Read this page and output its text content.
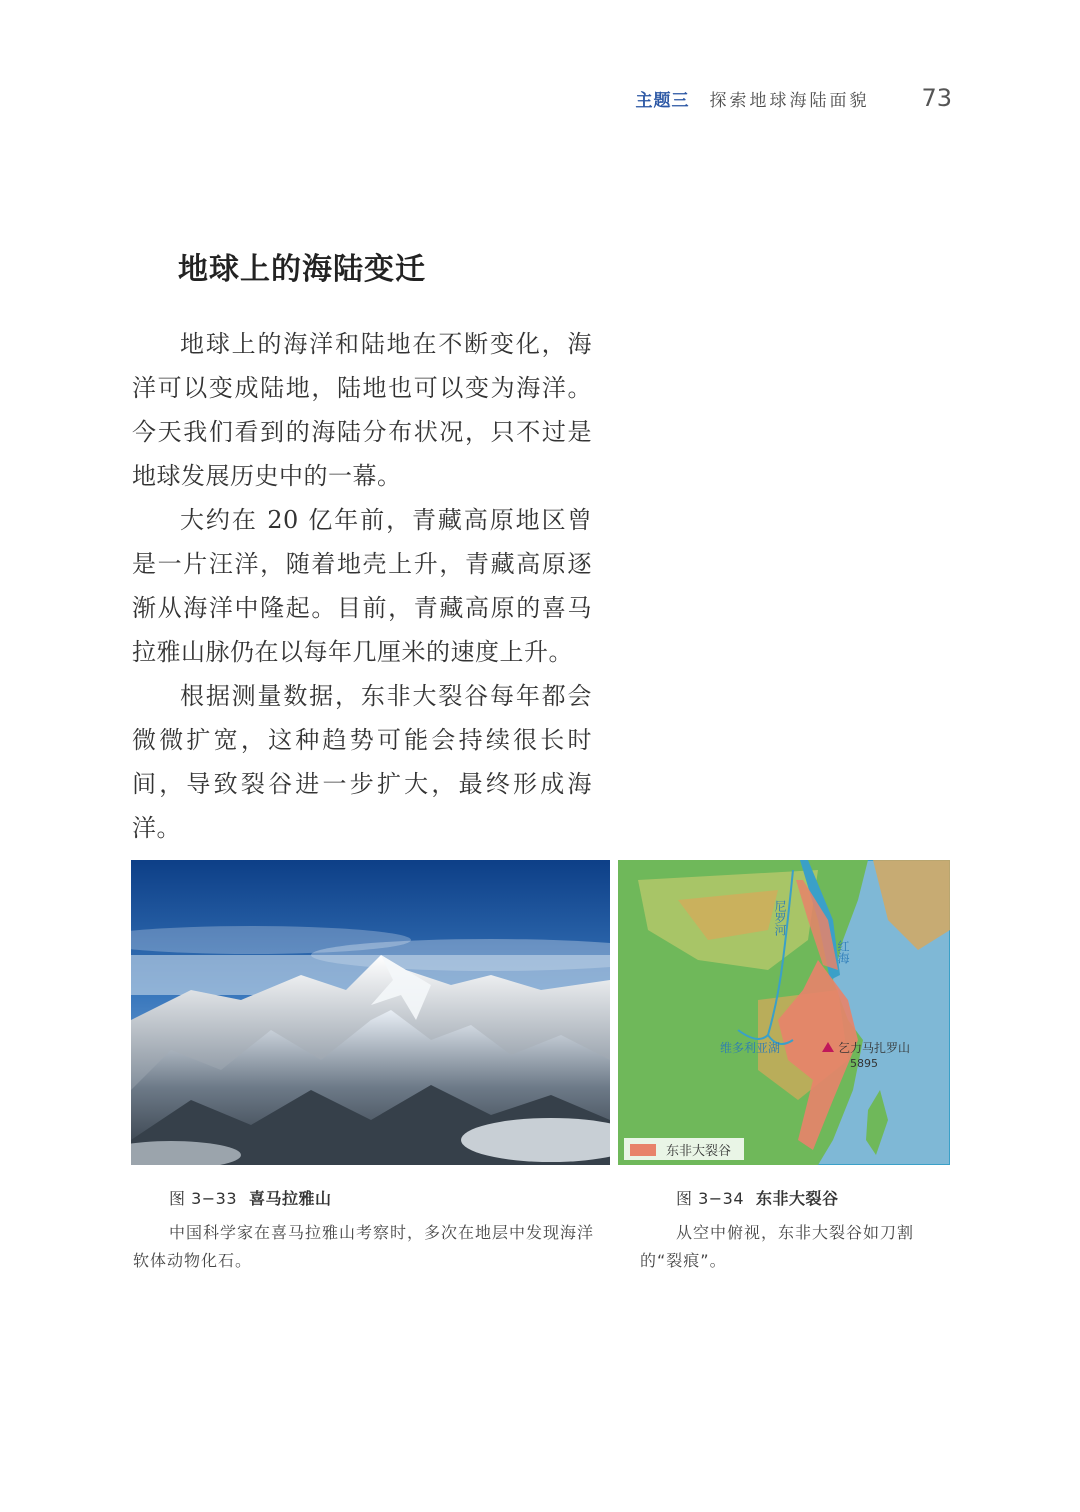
主题三 探索地球海陆面貌 73
地球上的海陆变迁

地球上的海洋和陆地在不断变化，海洋可以变成陆地，陆地也可以变为海洋。今天我们看到的海陆分布状况，只不过是地球发展历史中的一幕。

大约在 20 亿年前，青藏高原地区曾是一片汪洋，随着地壳上升，青藏高原逐渐从海洋中隆起。目前，青藏高原的喜马拉雅山脉仍在以每年几厘米的速度上升。

根据测量数据，东非大裂谷每年都会微微扩宽，这种趋势可能会持续很长时间，导致裂谷进一步扩大，最终形成海洋。

东非大裂谷
维多利亚湖	乞力马扎罗山
5895
尼罗河
红海
图 3−33 喜马拉雅山
中国科学家在喜马拉雅山考察时，多次在地层中发现海洋软体动物化石。
图 3−34 东非大裂谷
从空中俯视，东非大裂谷如刀割的“裂痕”。
